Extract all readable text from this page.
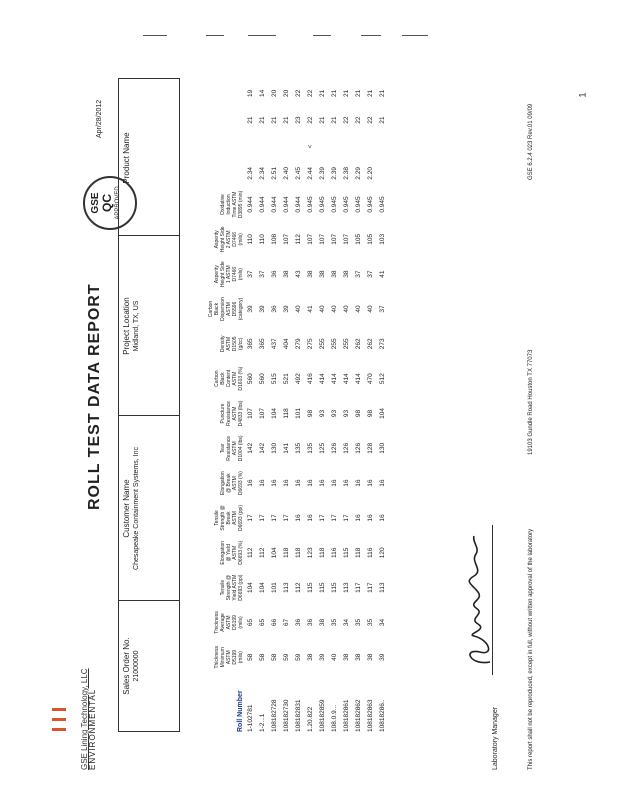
1
GSE Lining Technology, LLC ENVIRONMENTAL
ROLL TEST DATA REPORT
Apr/28/2012
GSE QC APPROVED
Sales Order No. 21000000
Customer Name Chesapeake Containment Systems, Inc
Project Location Midland, TX, US
Product Name
Roll Number	Thickness Minimum ASTM D5199 (mils)	Thickness Average ASTM D5199 (mils)	Tensile Strength @ Yield ASTM D6693 (ppi)	Elongation @ Yield ASTM D6693 (%)	Tensile Strength @ Break ASTM D6693 (ppi)	Elongation @ Break ASTM D6693 (%)	Tear Resistance ASTM D1004 (lbs)	Puncture Resistance ASTM D4833 (lbs)	Carbon Black Content ASTM D1603 (%)	Density ASTM D1505 (g/cc)	Carbon Black Dispersion ASTM D5596 (category)	Asperity Height Side 1 ASTM D7466 (mils)	Asperity Height Side 2 ASTM D7466 (mils)	Oxidative Induction Time ASTM D3895 (min)				
1-102781	58	65	104	112	17	16	142	107	560	365	39	37	110	0.944	2.34		21	19
1-2...1	58	65	104	112	17	16	142	107	560	365	39	37	110	0.944	2.34		21	14
108182728	58	66	101	104	17	16	130	104	515	437	36	36	108	0.944	2.51		21	20
108182730	59	67	113	118	17	16	141	118	521	404	39	38	107	0.944	2.40		21	20
108182831	59	36	112	118	16	16	135	101	492	279	40	43	112	0.944	2.45		23	22
1.20.822	38	36	115	123	16	16	135	98	416	275	41	38	107	0.945	2.44	<	22	22
108182859	39	38	115	118	17	16	125	93	414	255	40	38	107	0.945	2.39		21	21
108.0.9...	40	35	115	116	17	16	126	93	414	255	40	38	107	0.945	2.39		21	21
108182861	38	34	113	115	17	16	126	93	414	255	40	38	107	0.945	2.38		22	21
108182862	38	35	117	118	16	16	126	98	414	262	40	37	105	0.945	2.29		22	21
108182863	38	35	117	116	16	16	128	98	470	262	40	37	105	0.945	2.20		22	21
10818286..	39	34	113	120	16	16	130	104	512	273	37	41	103	0.945			21	21
Laboratory Manager	This report shall not be reproduced, except in full, without written approval of the laboratory
19103 Gundle Road Houston TX 77073
GSE 6.2.4 023 Rev.01 09/09
